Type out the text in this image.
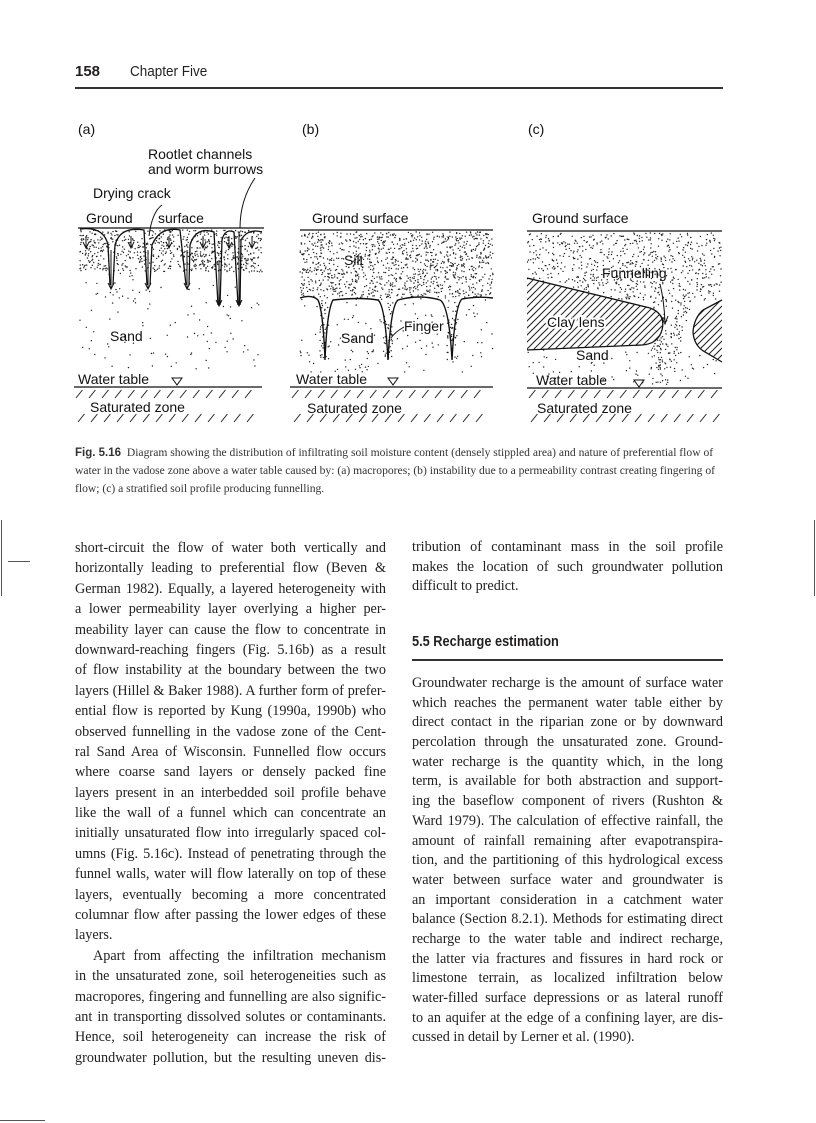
158 Chapter Five
(a)
Rootlet channels
and worm burrows
Drying crack
Ground surface
Sand
Water table
Saturated zone
(b)
Ground surface
Silt
Sand
Finger
Water table
Saturated zone
(c)
Ground surface
Clay lens
Funnelling
Sand
Water table
Saturated zone
Fig. 5.16 Diagram showing the distribution of infiltrating soil moisture content (densely stippled area) and nature of preferential flow of water in the vadose zone above a water table caused by: (a) macropores; (b) instability due to a permeability contrast creating fingering of flow; (c) a stratified soil profile producing funnelling.
short-circuit the flow of water both vertically and
horizontally leading to preferential flow (Beven &
German 1982). Equally, a layered heterogeneity with
a lower permeability layer overlying a higher per-
meability layer can cause the flow to concentrate in
downward-reaching fingers (Fig. 5.16b) as a result
of flow instability at the boundary between the two
layers (Hillel & Baker 1988). A further form of prefer-
ential flow is reported by Kung (1990a, 1990b) who
observed funnelling in the vadose zone of the Cent-
ral Sand Area of Wisconsin. Funnelled flow occurs
where coarse sand layers or densely packed fine
layers present in an interbedded soil profile behave
like the wall of a funnel which can concentrate an
initially unsaturated flow into irregularly spaced col-
umns (Fig. 5.16c). Instead of penetrating through the
funnel walls, water will flow laterally on top of these
layers, eventually becoming a more concentrated
columnar flow after passing the lower edges of these
layers.
Apart from affecting the infiltration mechanism
in the unsaturated zone, soil heterogeneities such as
macropores, fingering and funnelling are also signific-
ant in transporting dissolved solutes or contaminants.
Hence, soil heterogeneity can increase the risk of
groundwater pollution, but the resulting uneven dis-
tribution of contaminant mass in the soil profile
makes the location of such groundwater pollution
difficult to predict.
5.5 Recharge estimation
Groundwater recharge is the amount of surface water
which reaches the permanent water table either by
direct contact in the riparian zone or by downward
percolation through the unsaturated zone. Ground-
water recharge is the quantity which, in the long
term, is available for both abstraction and support-
ing the baseflow component of rivers (Rushton &
Ward 1979). The calculation of effective rainfall, the
amount of rainfall remaining after evapotranspira-
tion, and the partitioning of this hydrological excess
water between surface water and groundwater is
an important consideration in a catchment water
balance (Section 8.2.1). Methods for estimating direct
recharge to the water table and indirect recharge,
the latter via fractures and fissures in hard rock or
limestone terrain, as localized infiltration below
water-filled surface depressions or as lateral runoff
to an aquifer at the edge of a confining layer, are dis-
cussed in detail by Lerner et al. (1990).
